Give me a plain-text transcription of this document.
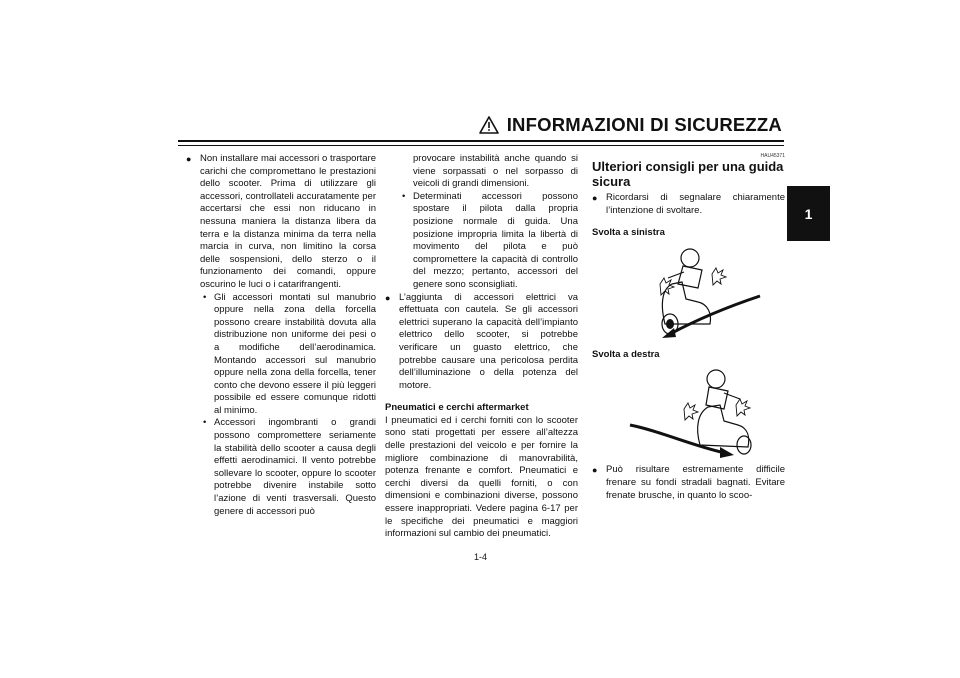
INFORMAZIONI DI SICUREZZA
1

● Non installare mai accessori o trasportare carichi che compromettano le prestazioni dello scooter. Prima di utilizzare gli accessori, controllateli accuratamente per accertarsi che essi non riducano in nessuna maniera la distanza libera da terra e la distanza minima da terra nella marcia in curva, non limitino la corsa delle sospensioni, dello sterzo o il funzionamento dei comandi, oppure oscurino le luci o i catarifrangenti.

• Gli accessori montati sul manubrio oppure nella zona della forcella possono creare instabilità dovuta alla distribuzione non uniforme dei pesi o a modifiche dell’aerodinamica. Montando accessori sul manubrio oppure nella zona della forcella, tener conto che devono essere il più leggeri possibile ed essere comunque ridotti al minimo.

• Accessori ingombranti o grandi possono compromettere seriamente la stabilità dello scooter a causa degli effetti aerodinamici. Il vento potrebbe sollevare lo scooter, oppure lo scooter potrebbe divenire instabile sotto l’azione di venti trasversali. Questo genere di accessori può

provocare instabilità anche quando si viene sorpassati o nel sorpasso di veicoli di grandi dimensioni.

• Determinati accessori possono spostare il pilota dalla propria posizione normale di guida. Una posizione impropria limita la libertà di movimento del pilota e può compromettere la capacità di controllo del mezzo; pertanto, accessori del genere sono sconsigliati.

● L’aggiunta di accessori elettrici va effettuata con cautela. Se gli accessori elettrici superano la capacità dell’impianto elettrico dello scooter, si potrebbe verificare un guasto elettrico, che potrebbe causare una pericolosa perdita dell’illuminazione o della potenza del motore.

Pneumatici e cerchi aftermarket

I pneumatici ed i cerchi forniti con lo scooter sono stati progettati per essere all’altezza delle prestazioni del veicolo e per fornire la migliore combinazione di manovrabilità, potenza frenante e comfort. Pneumatici e cerchi diversi da quelli forniti, o con dimensioni e combinazioni diverse, possono essere inappropriati. Vedere pagina 6-17 per le specifiche dei pneumatici e maggiori informazioni sul cambio dei pneumatici.

HAU45371

Ulteriori consigli per una guida sicura

● Ricordarsi di segnalare chiaramente l’intenzione di svoltare.

Svolta a sinistra

Svolta a destra

● Può risultare estremamente difficile frenare su fondi stradali bagnati. Evitare frenate brusche, in quanto lo scoo-

1-4
